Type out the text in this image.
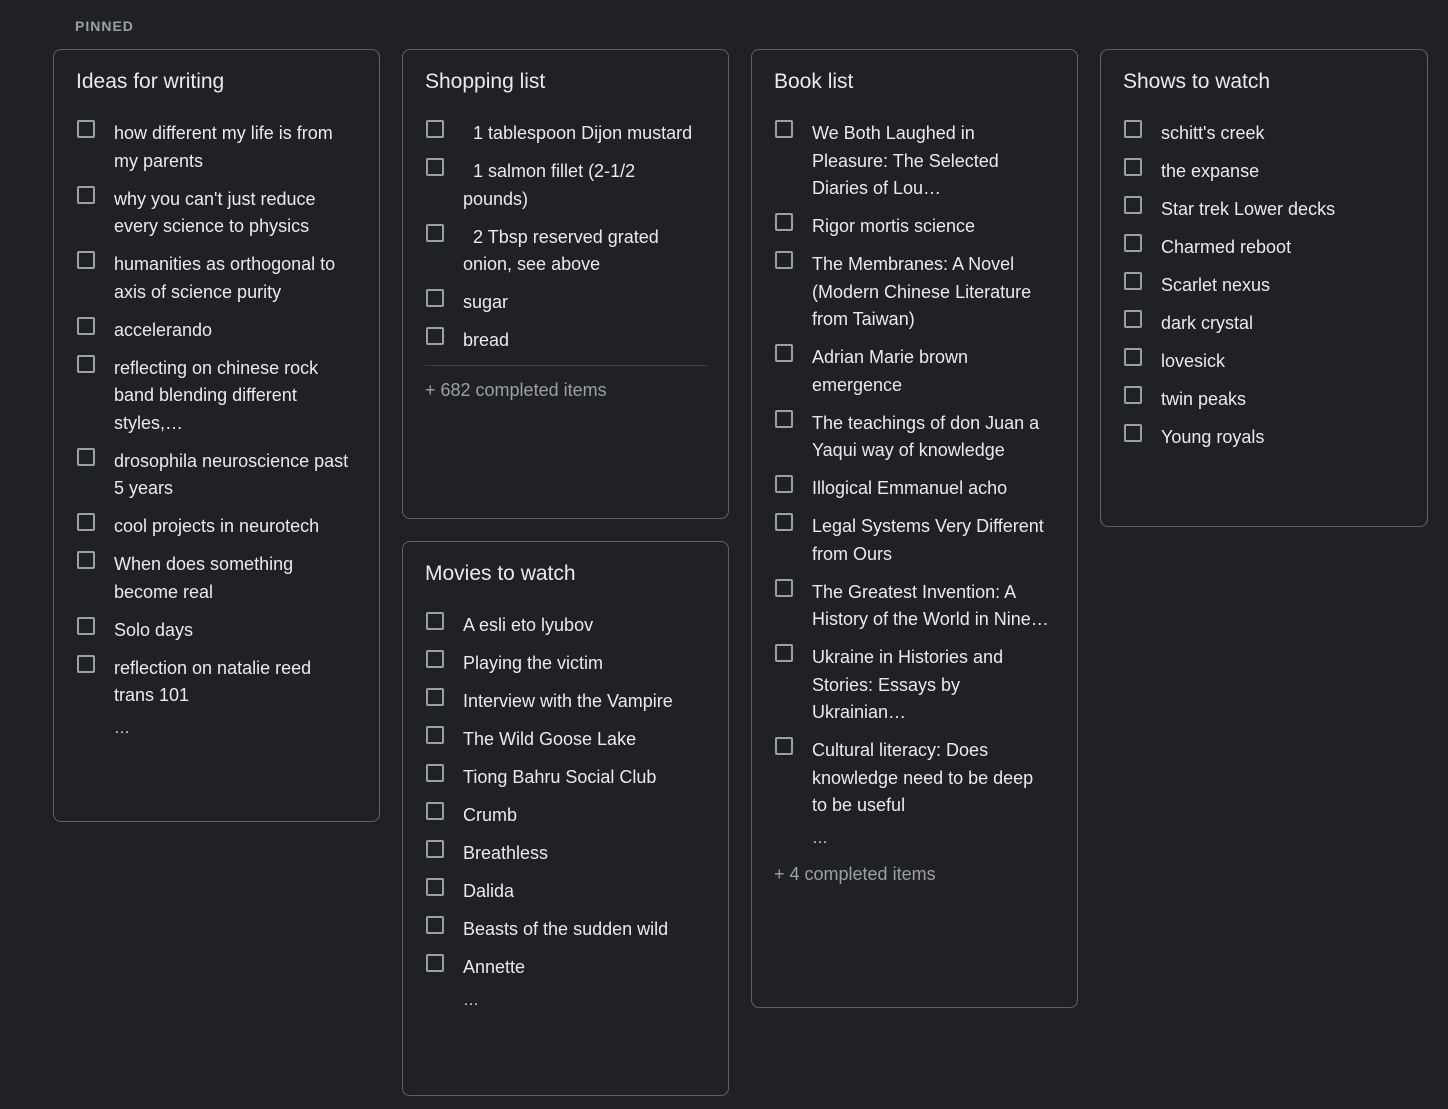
PINNED
Ideas for writing
how different my life is from my parents
why you can't just reduce every science to physics
humanities as orthogonal to axis of science purity
accelerando
reflecting on chinese rock band blending different styles,…
drosophila neuroscience past 5 years
cool projects in neurotech
When does something become real
Solo days
reflection on natalie reed trans 101
…
Shopping list
1 tablespoon Dijon mustard
1 salmon fillet (2-1/2 pounds)
2 Tbsp reserved grated onion, see above
sugar
bread
+ 682 completed items
Movies to watch
A esli eto lyubov
Playing the victim
Interview with the Vampire
The Wild Goose Lake
Tiong Bahru Social Club
Crumb
Breathless
Dalida
Beasts of the sudden wild
Annette
…
Book list
We Both Laughed in Pleasure: The Selected Diaries of Lou…
Rigor mortis science
The Membranes: A Novel (Modern Chinese Literature from Taiwan)
Adrian Marie brown emergence
The teachings of don Juan a Yaqui way of knowledge
Illogical Emmanuel acho
Legal Systems Very Different from Ours
The Greatest Invention: A History of the World in Nine…
Ukraine in Histories and Stories: Essays by Ukrainian…
Cultural literacy: Does knowledge need to be deep to be useful
…
+ 4 completed items
Shows to watch
schitt's creek
the expanse
Star trek Lower decks
Charmed reboot
Scarlet nexus
dark crystal
lovesick
twin peaks
Young royals
